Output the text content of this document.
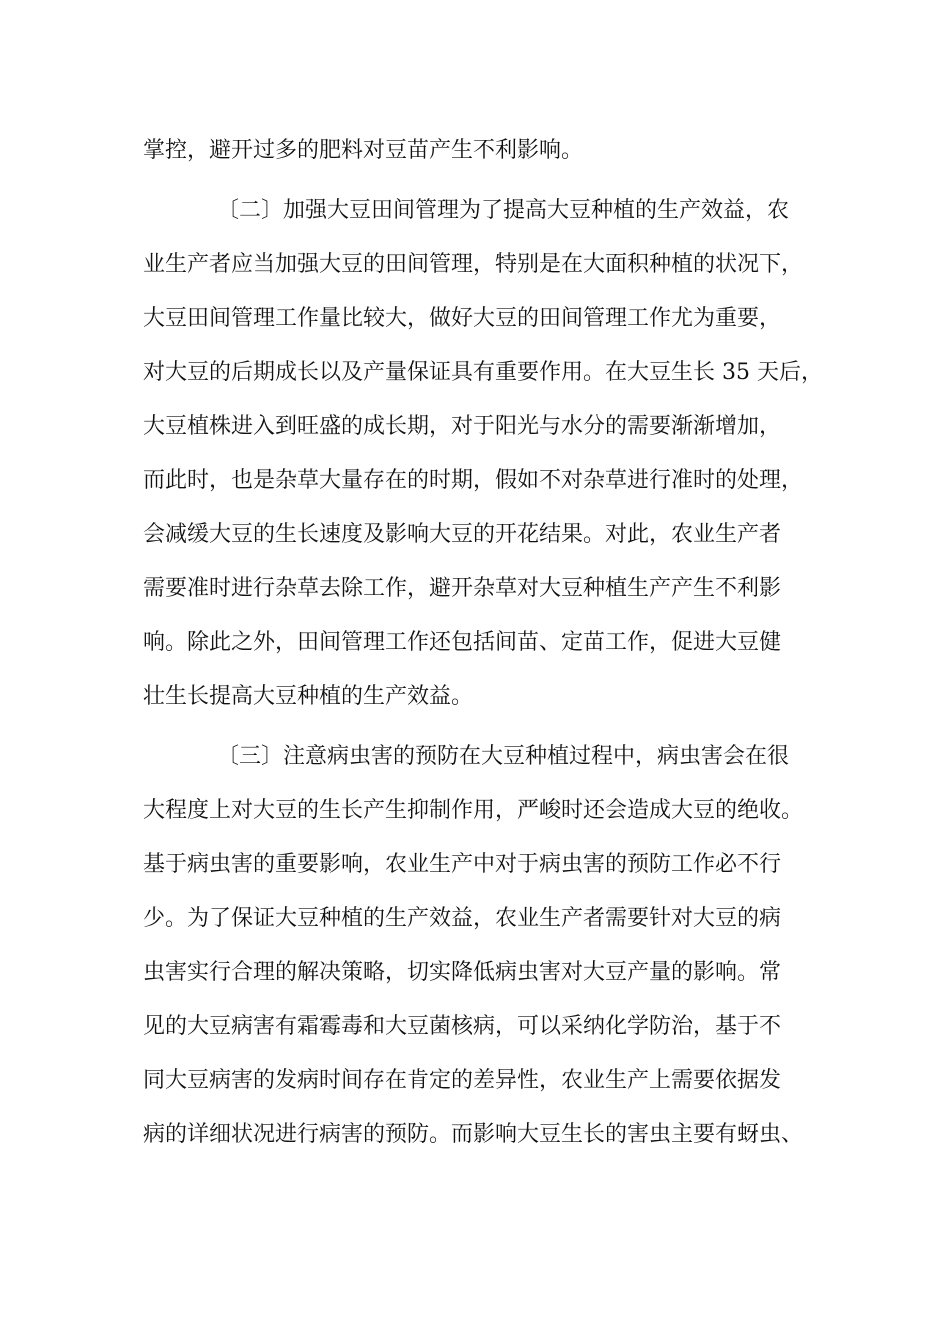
掌控，避开过多的肥料对豆苗产生不利影响。
〔二〕加强大豆田间管理为了提高大豆种植的生产效益，农
业生产者应当加强大豆的田间管理，特别是在大面积种植的状况下，
大豆田间管理工作量比较大，做好大豆的田间管理工作尤为重要，
对大豆的后期成长以及产量保证具有重要作用。在大豆生长 35 天后，
大豆植株进入到旺盛的成长期，对于阳光与水分的需要渐渐增加，
而此时，也是杂草大量存在的时期，假如不对杂草进行准时的处理，
会减缓大豆的生长速度及影响大豆的开花结果。对此，农业生产者
需要准时进行杂草去除工作，避开杂草对大豆种植生产产生不利影
响。除此之外，田间管理工作还包括间苗、定苗工作，促进大豆健
壮生长提高大豆种植的生产效益。
〔三〕注意病虫害的预防在大豆种植过程中，病虫害会在很
大程度上对大豆的生长产生抑制作用，严峻时还会造成大豆的绝收。
基于病虫害的重要影响，农业生产中对于病虫害的预防工作必不行
少。为了保证大豆种植的生产效益，农业生产者需要针对大豆的病
虫害实行合理的解决策略，切实降低病虫害对大豆产量的影响。常
见的大豆病害有霜霉毒和大豆菌核病，可以采纳化学防治，基于不
同大豆病害的发病时间存在肯定的差异性，农业生产上需要依据发
病的详细状况进行病害的预防。而影响大豆生长的害虫主要有蚜虫、
